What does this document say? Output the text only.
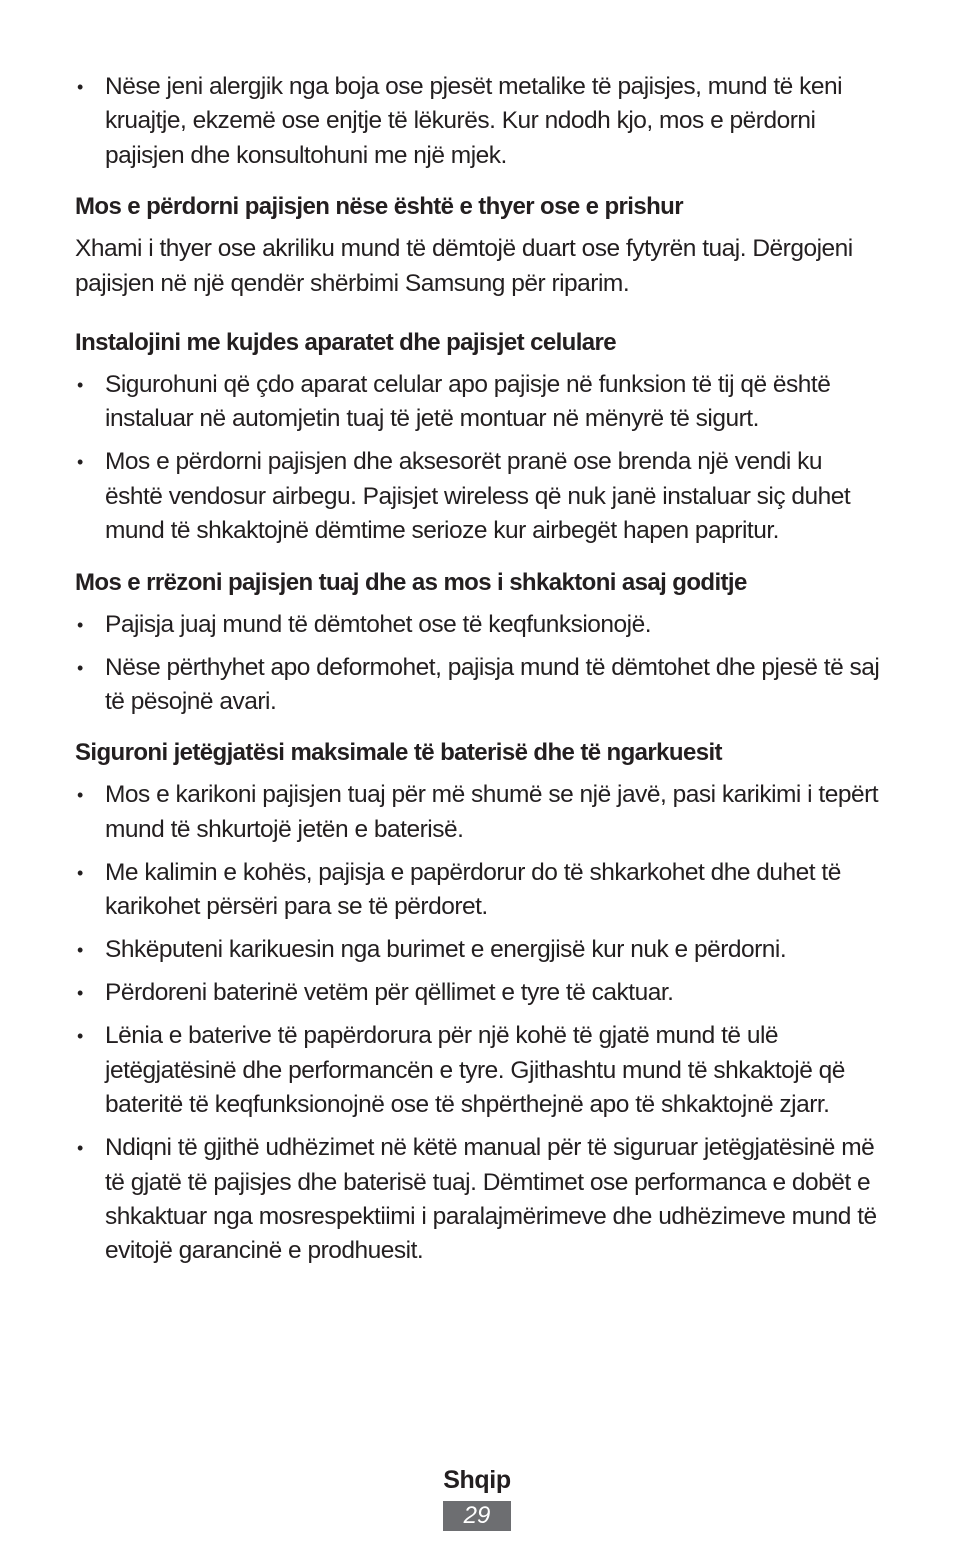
• Nëse jeni alergjik nga boja ose pjesët metalike të pajisjes, mund të keni kruajtje, ekzemë ose enjtje të lëkurës. Kur ndodh kjo, mos e përdorni pajisjen dhe konsultohuni me një mjek.
Mos e përdorni pajisjen nëse është e thyer ose e prishur
Xhami i thyer ose akriliku mund të dëmtojë duart ose fytyrën tuaj. Dërgojeni pajisjen në një qendër shërbimi Samsung për riparim.
Instalojini me kujdes aparatet dhe pajisjet celulare
• Sigurohuni që çdo aparat celular apo pajisje në funksion të tij që është instaluar në automjetin tuaj të jetë montuar në mënyrë të sigurt.
• Mos e përdorni pajisjen dhe aksesorët pranë ose brenda një vendi ku është vendosur airbegu. Pajisjet wireless që nuk janë instaluar siç duhet mund të shkaktojnë dëmtime serioze kur airbegët hapen papritur.
Mos e rrëzoni pajisjen tuaj dhe as mos i shkaktoni asaj goditje
• Pajisja juaj mund të dëmtohet ose të keqfunksionojë.
• Nëse përthyhet apo deformohet, pajisja mund të dëmtohet dhe pjesë të saj të pësojnë avari.
Siguroni jetëgjatësi maksimale të baterisë dhe të ngarkuesit
• Mos e karikoni pajisjen tuaj për më shumë se një javë, pasi karikimi i tepërt mund të shkurtojë jetën e baterisë.
• Me kalimin e kohës, pajisja e papërdorur do të shkarkohet dhe duhet të karikohet përsëri para se të përdoret.
• Shkëputeni karikuesin nga burimet e energjisë kur nuk e përdorni.
• Përdoreni baterinë vetëm për qëllimet e tyre të caktuar.
• Lënia e baterive të papërdorura për një kohë të gjatë mund të ulë jetëgjatësinë dhe performancën e tyre. Gjithashtu mund të shkaktojë që bateritë të keqfunksionojnë ose të shpërthejnë apo të shkaktojnë zjarr.
• Ndiqni të gjithë udhëzimet në këtë manual për të siguruar jetëgjatësinë më të gjatë të pajisjes dhe baterisë tuaj. Dëmtimet ose performanca e dobët e shkaktuar nga mosrespektiimi i paralajmërimeve dhe udhëzimeve mund të evitojë garancinë e prodhuesit.
Shqip
29
